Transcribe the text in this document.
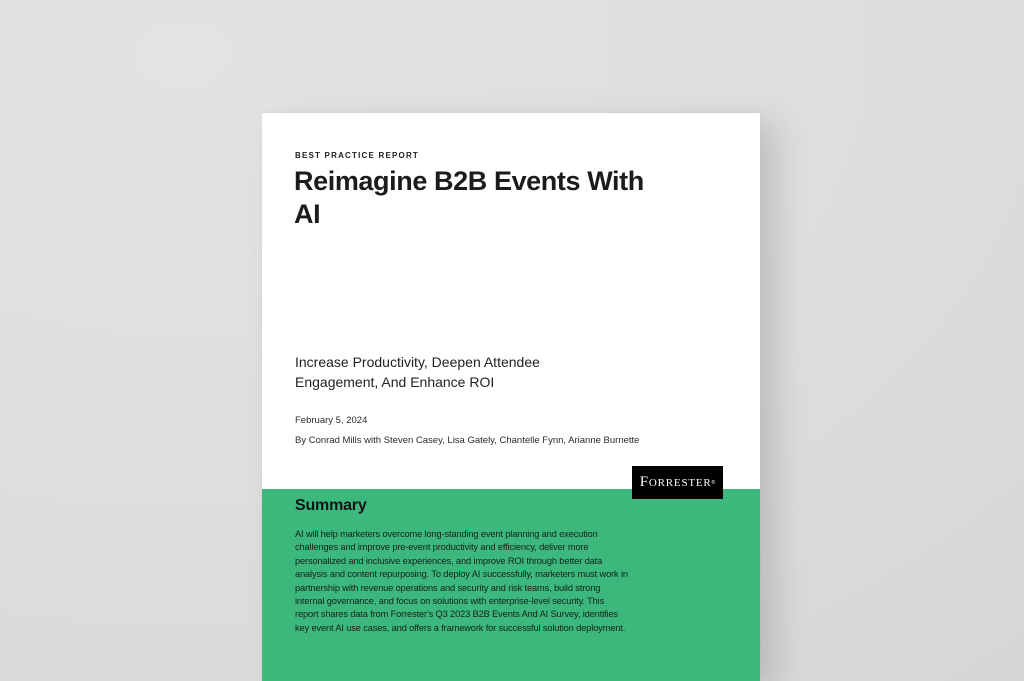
BEST PRACTICE REPORT
Reimagine B2B Events With AI
Increase Productivity, Deepen Attendee Engagement, And Enhance ROI
February 5, 2024
By Conrad Mills with Steven Casey, Lisa Gately, Chantelle Fynn, Arianne Burnette
Forrester ®
Summary
AI will help marketers overcome long-standing event planning and execution challenges and improve pre-event productivity and efficiency, deliver more personalized and inclusive experiences, and improve ROI through better data analysis and content repurposing. To deploy AI successfully, marketers must work in partnership with revenue operations and security and risk teams, build strong internal governance, and focus on solutions with enterprise-level security. This report shares data from Forrester's Q3 2023 B2B Events And AI Survey, identifies key event AI use cases, and offers a framework for successful solution deployment.
